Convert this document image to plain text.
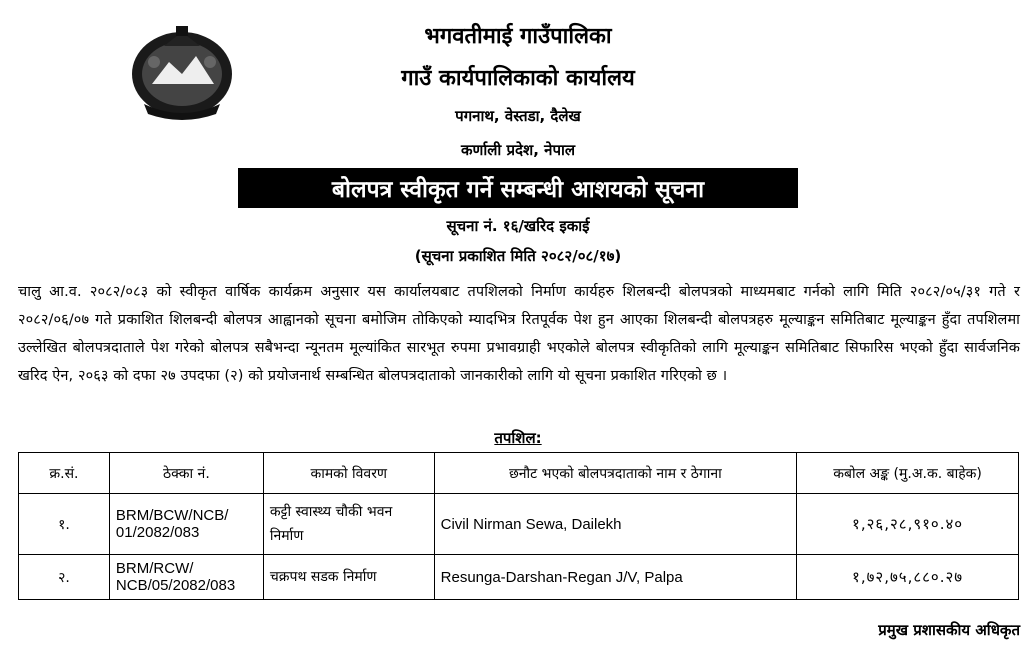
भगवतीमाई गाउँपालिका
गाउँ कार्यपालिकाको कार्यालय
पगनाथ, वेस्तडा, दैलेख
कर्णाली प्रदेश, नेपाल
बोलपत्र स्वीकृत गर्ने सम्बन्धी आशयको सूचना
सूचना नं. १६/खरिद इकाई
(सूचना प्रकाशित मिति २०८२/०८/१७)
चालु आ.व. २०८२/०८३ को स्वीकृत वार्षिक कार्यक्रम अनुसार यस कार्यालयबाट तपशिलको निर्माण कार्यहरु शिलबन्दी बोलपत्रको माध्यमबाट गर्नको लागि मिति २०८२/०५/३१ गते र २०८२/०६/०७ गते प्रकाशित शिलबन्दी बोलपत्र आह्वानको सूचना बमोजिम तोकिएको म्यादभित्र रितपूर्वक पेश हुन आएका शिलबन्दी बोलपत्रहरु मूल्याङ्कन समितिबाट मूल्याङ्कन हुँदा तपशिलमा उल्लेखित बोलपत्रदाताले पेश गरेको बोलपत्र सबैभन्दा न्यूनतम मूल्यांकित सारभूत रुपमा प्रभावग्राही भएकोले बोलपत्र स्वीकृतिको लागि मूल्याङ्कन समितिबाट सिफारिस भएको हुँदा सार्वजनिक खरिद ऐन, २०६३ को दफा २७ उपदफा (२) को प्रयोजनार्थ सम्बन्धित बोलपत्रदाताको जानकारीको लागि यो सूचना प्रकाशित गरिएको छ ।
तपशिल:
क्र.सं.	ठेक्का नं.	कामको विवरण	छनौट भएको बोलपत्रदाताको नाम र ठेगाना	कबोल अङ्क (मु.अ.क. बाहेक)
१.	BRM/BCW/NCB/ 01/2082/083	कट्टी स्वास्थ्य चौकी भवन निर्माण	Civil Nirman Sewa, Dailekh	१,२६,२८,९१०.४०
२.	BRM/RCW/ NCB/05/2082/083	चक्रपथ सडक निर्माण	Resunga-Darshan-Regan J/V, Palpa	१,७२,७५,८८०.२७
प्रमुख प्रशासकीय अधिकृत
